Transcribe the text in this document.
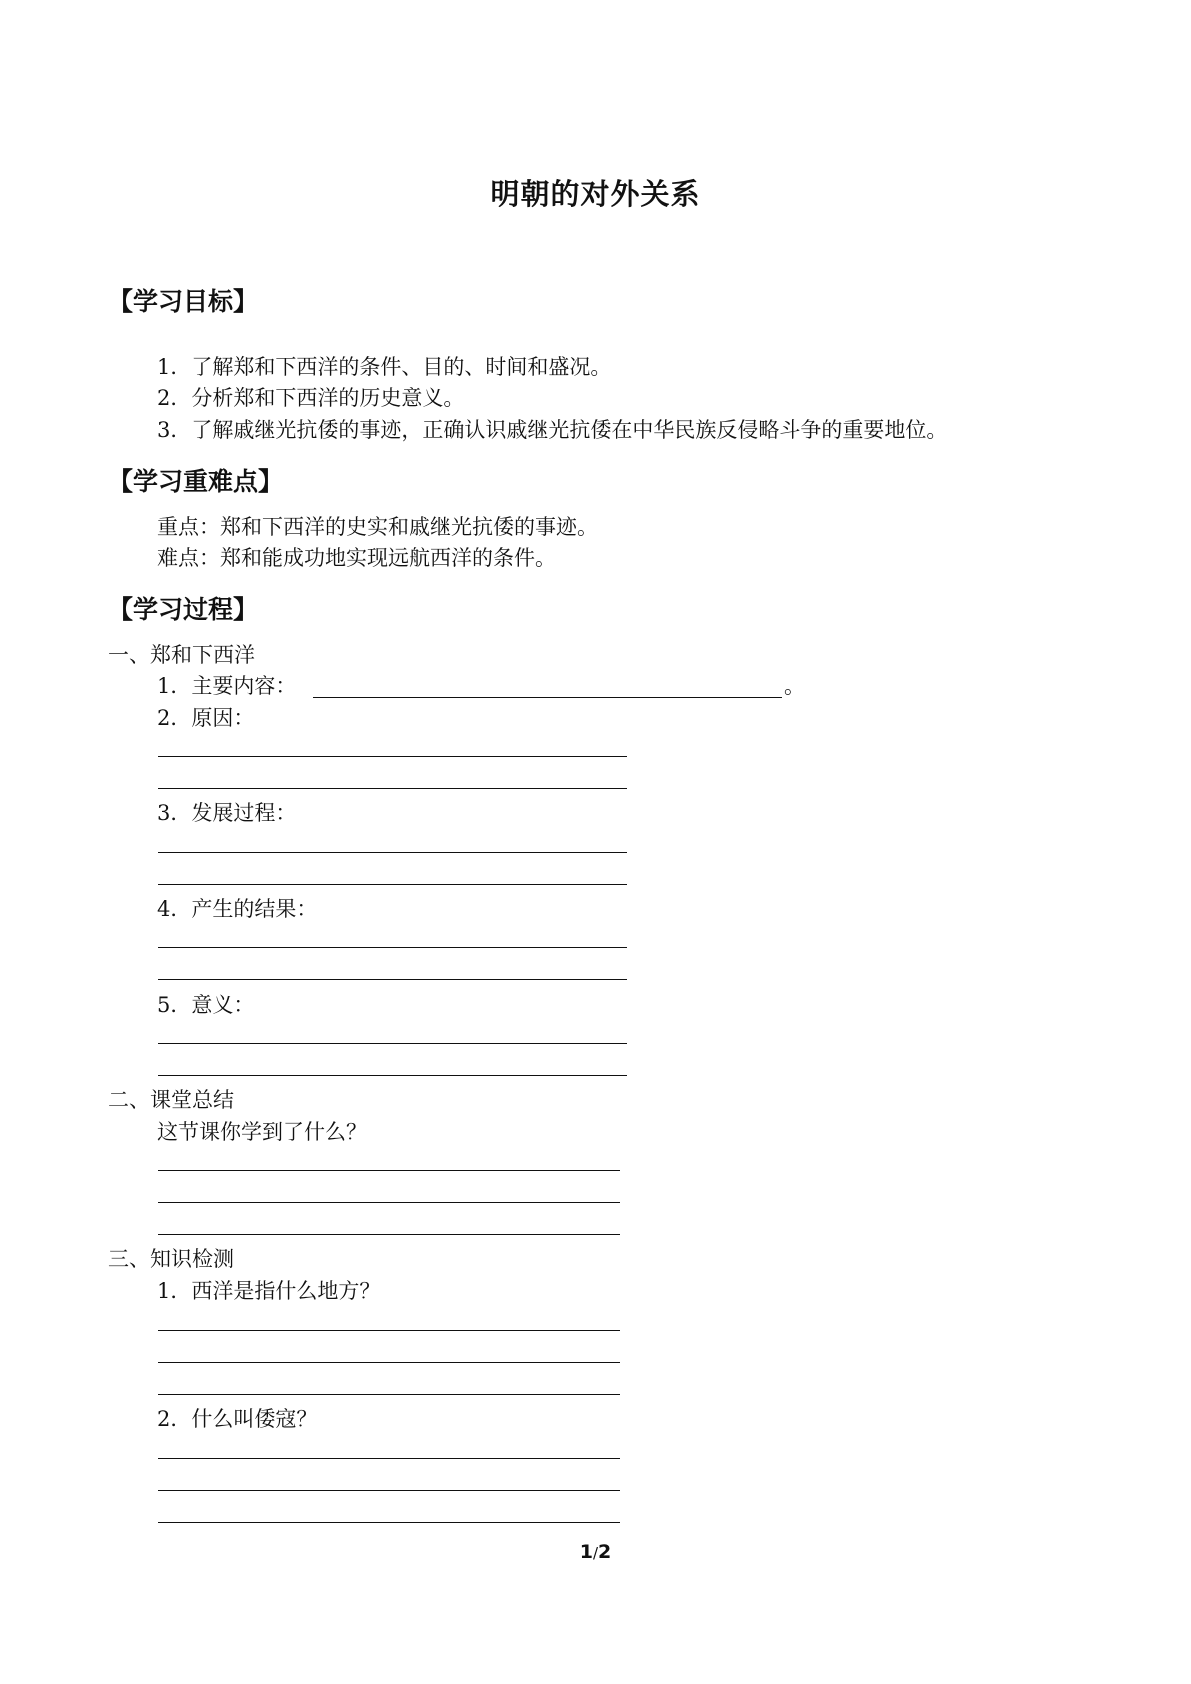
明朝的对外关系
【学习目标】
1．了解郑和下西洋的条件、目的、时间和盛况。
2．分析郑和下西洋的历史意义。
3．了解戚继光抗倭的事迹，正确认识戚继光抗倭在中华民族反侵略斗争的重要地位。
【学习重难点】
重点：郑和下西洋的史实和戚继光抗倭的事迹。
难点：郑和能成功地实现远航西洋的条件。
【学习过程】
一、郑和下西洋
1．主要内容：	。
2．原因：
3．发展过程：
4．产生的结果：
5．意义：
二、课堂总结
这节课你学到了什么？
三、知识检测
1．西洋是指什么地方？
2．什么叫倭寇？
1/2
